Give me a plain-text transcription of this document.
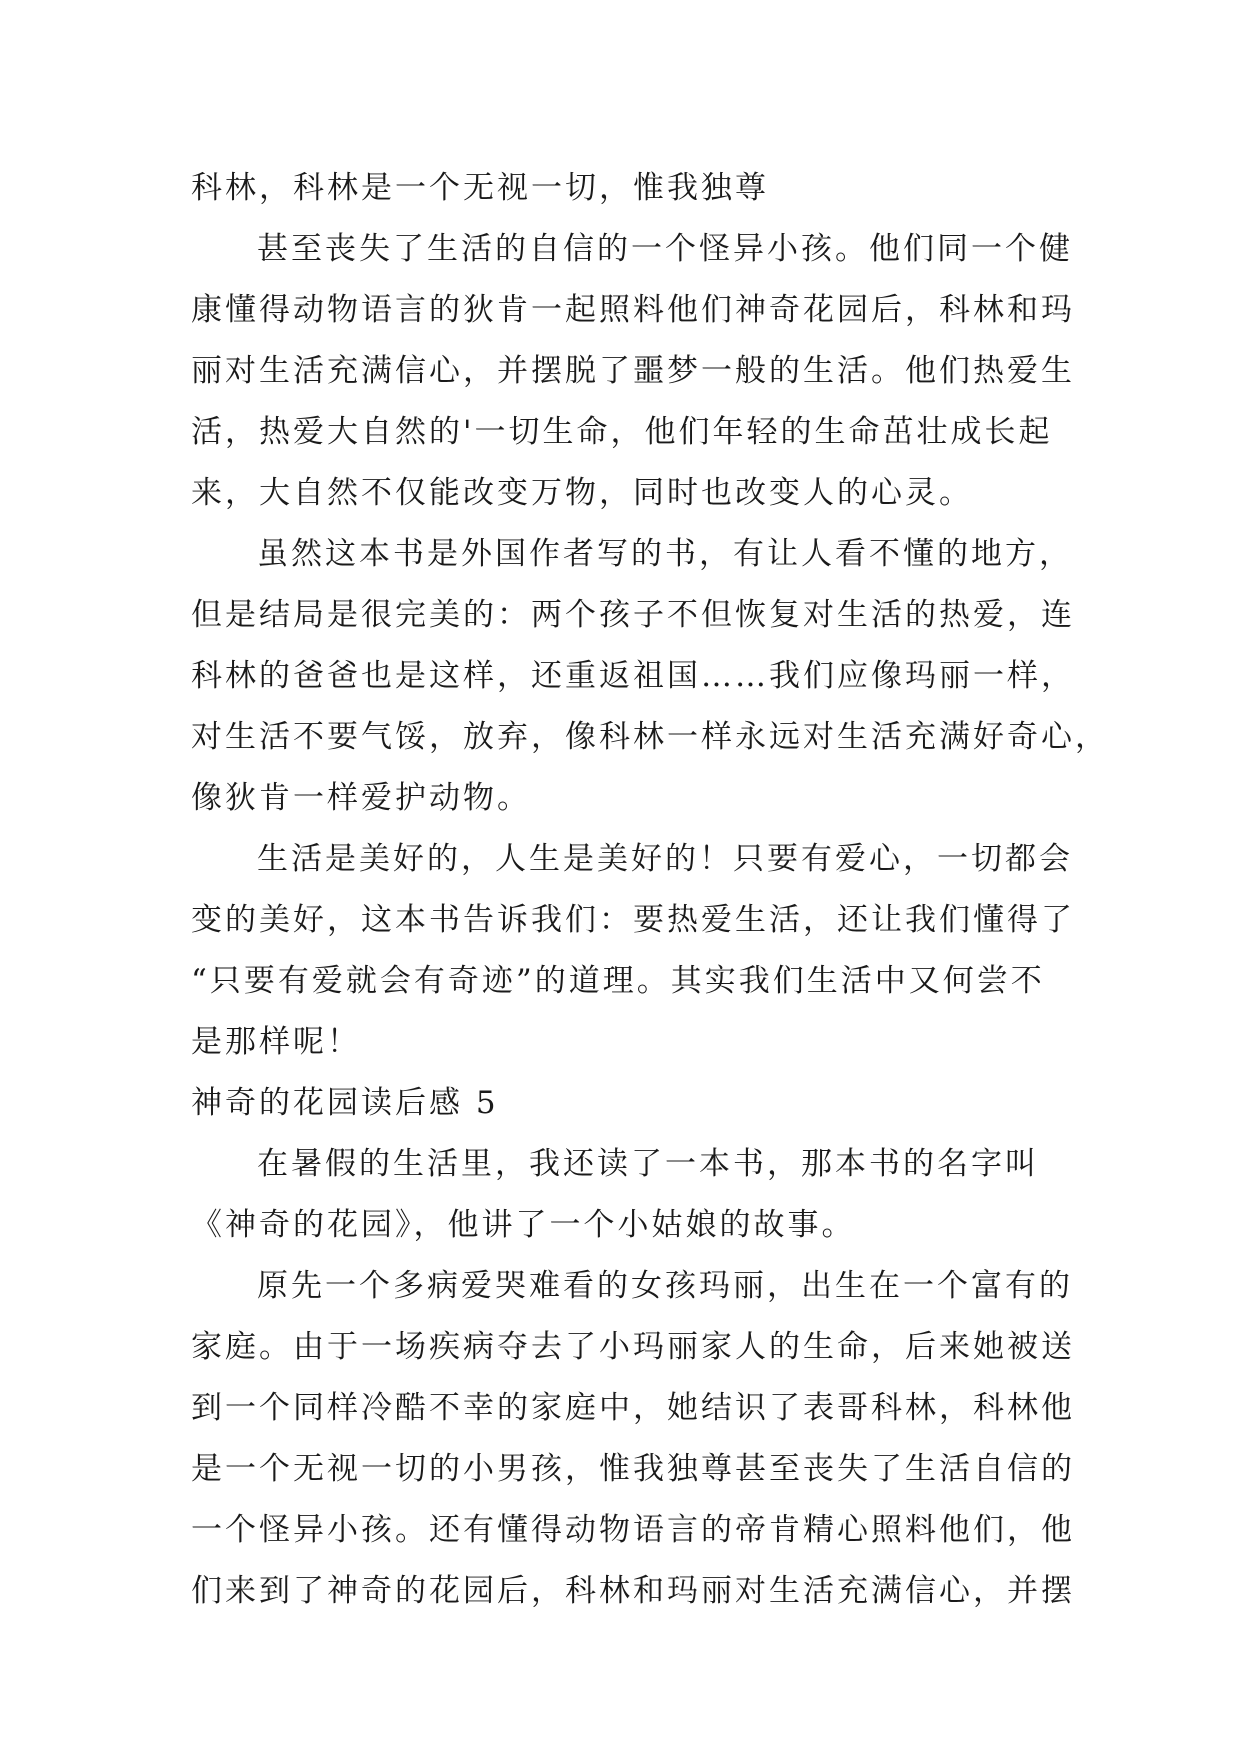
科林，科林是一个无视一切，惟我独尊
甚至丧失了生活的自信的一个怪异小孩。他们同一个健
康懂得动物语言的狄肯一起照料他们神奇花园后，科林和玛
丽对生活充满信心，并摆脱了噩梦一般的生活。他们热爱生
活，热爱大自然的'一切生命，他们年轻的生命茁壮成长起
来，大自然不仅能改变万物，同时也改变人的心灵。
虽然这本书是外国作者写的书，有让人看不懂的地方，
但是结局是很完美的：两个孩子不但恢复对生活的热爱，连
科林的爸爸也是这样，还重返祖国……我们应像玛丽一样，
对生活不要气馁，放弃，像科林一样永远对生活充满好奇心，
像狄肯一样爱护动物。
生活是美好的，人生是美好的！只要有爱心，一切都会
变的美好，这本书告诉我们：要热爱生活，还让我们懂得了
“只要有爱就会有奇迹”的道理。其实我们生活中又何尝不
是那样呢！
神奇的花园读后感 5
在暑假的生活里，我还读了一本书，那本书的名字叫
《神奇的花园》，他讲了一个小姑娘的故事。
原先一个多病爱哭难看的女孩玛丽，出生在一个富有的
家庭。由于一场疾病夺去了小玛丽家人的生命，后来她被送
到一个同样冷酷不幸的家庭中，她结识了表哥科林，科林他
是一个无视一切的小男孩，惟我独尊甚至丧失了生活自信的
一个怪异小孩。还有懂得动物语言的帝肯精心照料他们，他
们来到了神奇的花园后，科林和玛丽对生活充满信心，并摆
